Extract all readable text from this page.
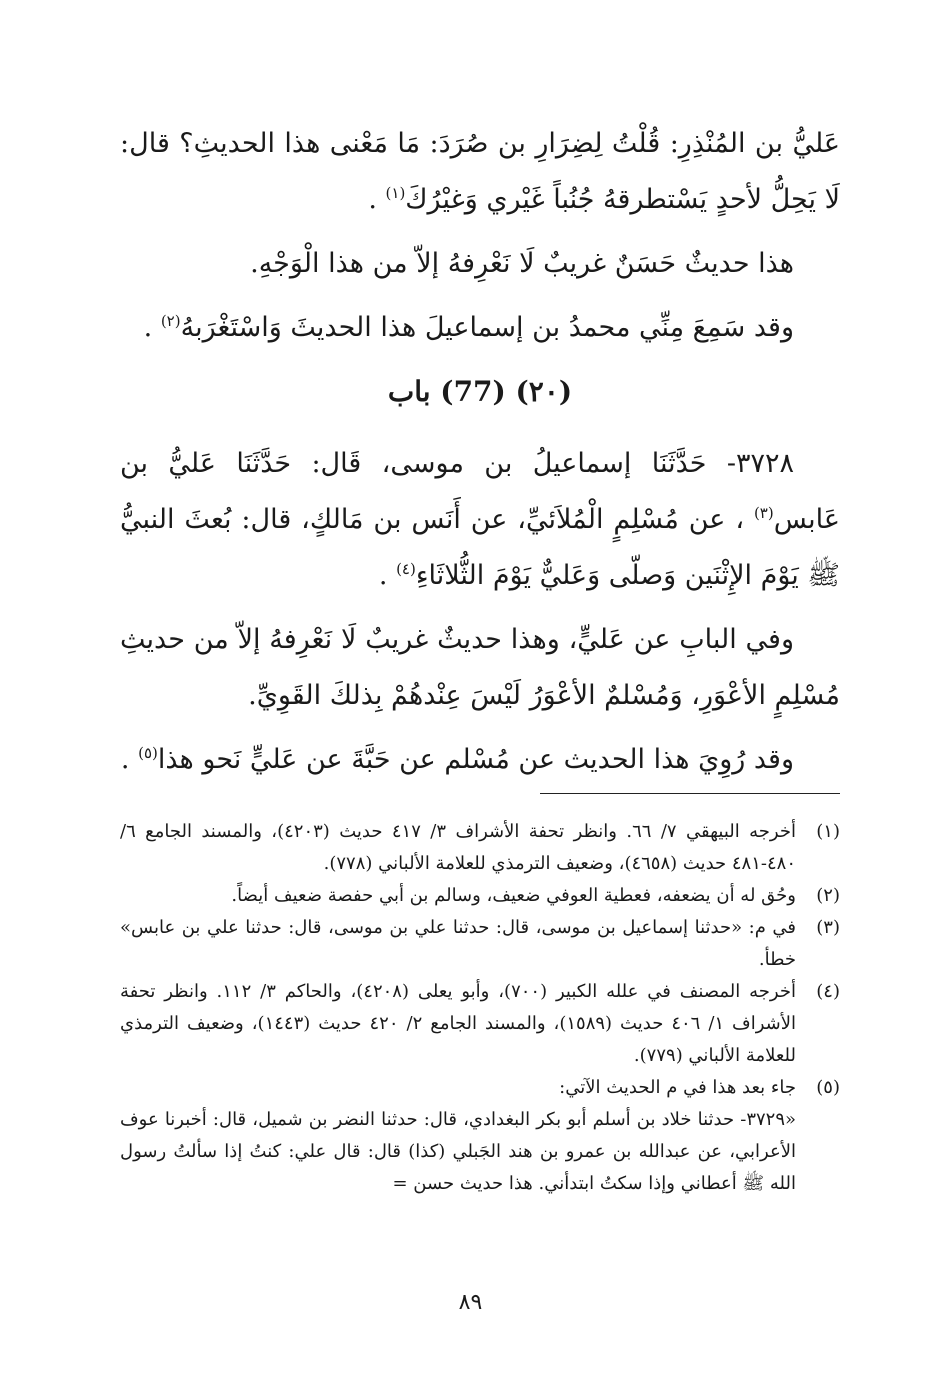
عَليُّ بن المُنْذِرِ: قُلْتُ لِضِرَارِ بن صُرَدَ: مَا مَعْنى هذا الحديثِ؟ قال: لَا يَحِلُّ لأحدٍ يَسْتطرقهُ جُنُباً غَيْري وَغيْرُكَ$^{(١)}$ .

هذا حديثٌ حَسَنٌ غريبٌ لَا نَعْرِفهُ إلاّ من هذا الْوَجْهِ.

وقد سَمِعَ مِنِّي محمدُ بن إسماعيلَ هذا الحديثَ وَاسْتَغْرَبهُ$^{(٢)}$ .

(٢٠) (77) باب

٣٧٢٨- حَدَّثَنَا إسماعيلُ بن موسى، قَال: حَدَّثَنَا عَليُّ بن عَابس$^{(٣)}$ ، عن مُسْلِمٍ الْمُلاَئيِّ، عن أَنَس بن مَالكٍ، قال: بُعثَ النبيُّ ﷺ يَوْمَ الإِثْنَين وَصلّى وَعَليٌّ يَوْمَ الثُّلاثَاءِ$^{(٤)}$ .

وفي البابِ عن عَليٍّ، وهذا حديثٌ غريبٌ لَا نَعْرِفهُ إلاّ من حديثِ مُسْلِمٍ الأعْوَرِ، وَمُسْلمٌ الأعْوَرُ لَيْسَ عِنْدهُمْ بِذلكَ القَوِيِّ.

وقد رُوِيَ هذا الحديث عن مُسْلم عن حَبَّةَ عن عَليٍّ نَحو هذا$^{(٥)}$ .

(١)
أخرجه البيهقي ٧/ ٦٦. وانظر تحفة الأشراف ٣/ ٤١٧ حديث (٤٢٠٣)، والمسند الجامع ٦/ ٤٨٠-٤٨١ حديث (٤٦٥٨)، وضعيف الترمذي للعلامة الألباني (٧٧٨).

(٢)
وحُق له أن يضعفه، فعطية العوفي ضعيف، وسالم بن أبي حفصة ضعيف أيضاً.

(٣)
في م: «حدثنا إسماعيل بن موسى، قال: حدثنا علي بن موسى، قال: حدثنا علي بن عابس» خطأ.

(٤)
أخرجه المصنف في علله الكبير (٧٠٠)، وأبو يعلى (٤٢٠٨)، والحاكم ٣/ ١١٢. وانظر تحفة الأشراف ١/ ٤٠٦ حديث (١٥٨٩)، والمسند الجامع ٢/ ٤٢٠ حديث (١٤٤٣)، وضعيف الترمذي للعلامة الألباني (٧٧٩).

(٥)
جاء بعد هذا في م الحديث الآتي:
«٣٧٢٩- حدثنا خلاد بن أسلم أبو بكر البغدادي، قال: حدثنا النضر بن شميل، قال: أخبرنا عوف الأعرابي، عن عبدالله بن عمرو بن هند الجَبلي (كذا) قال: قال علي: كنتُ إذا سألتُ رسول الله ﷺ أعطاني وإذا سكتُ ابتدأني. هذا حديث حسن =

٨٩
